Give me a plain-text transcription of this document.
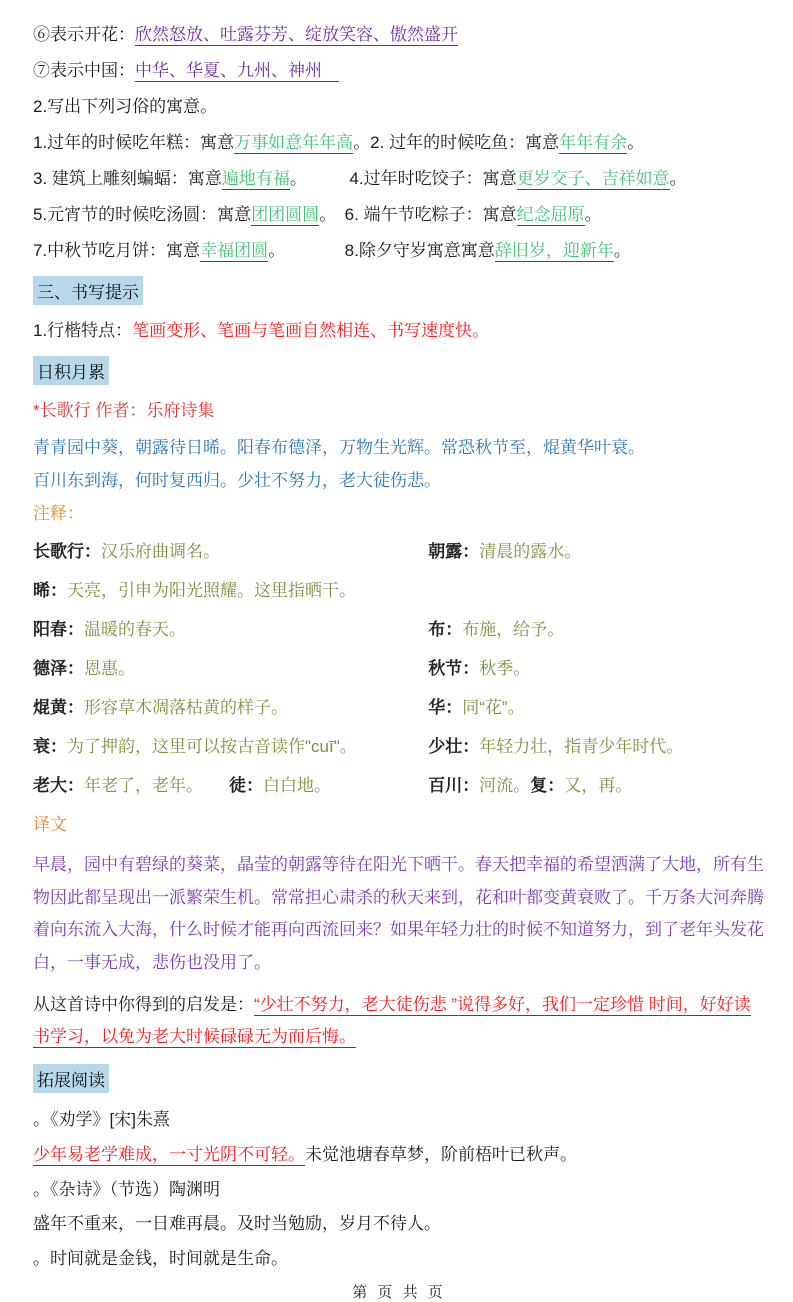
⑥表示开花：欣然怒放、吐露芬芳、绽放笑容、傲然盛开

⑦表示中国：中华、华夏、九州、神州　

2.写出下列习俗的寓意。

1.过年的时候吃年糕：寓意万事如意年年高。2. 过年的时候吃鱼：寓意年年有余。

3. 建筑上雕刻蝙蝠：寓意遍地有福。　　　4.过年时吃饺子：寓意更岁交子、吉祥如意。

5.元宵节的时候吃汤圆：寓意团团圆圆。　6. 端午节吃粽子：寓意纪念屈原。

7.中秋节吃月饼：寓意幸福团圆。　　　　8.除夕守岁寓意寓意辞旧岁，迎新年。

三、书写提示

1.行楷特点：笔画变形、笔画与笔画自然相连、书写速度快。

日积月累

*长歌行 作者：乐府诗集

青青园中葵，朝露待日晞。阳春布德泽，万物生光辉。常恐秋节至，焜黄华叶衰。

百川东到海，何时复西归。少壮不努力，老大徒伤悲。

注释：

长歌行：汉乐府曲调名。	朝露：清晨的露水。
晞：天亮，引申为阳光照耀。这里指晒干。
阳春：温暖的春天。	布：布施，给予。
德泽：恩惠。	秋节：秋季。
焜黄：形容草木凋落枯黄的样子。	华：同“花”。
衰：为了押韵，这里可以按古音读作"cuī"。	少壮：年轻力壮，指青少年时代。
老大：年老了，老年。 徒：白白地。	百川：河流。复：又，再。

译文

早晨，园中有碧绿的葵菜，晶莹的朝露等待在阳光下晒干。春天把幸福的希望洒满了大地，所有生物因此都呈现出一派繁荣生机。常常担心肃杀的秋天来到，花和叶都变黄衰败了。千万条大河奔腾着向东流入大海，什么时候才能再向西流回来？如果年轻力壮的时候不知道努力，到了老年头发花白，一事无成，悲伤也没用了。

从这首诗中你得到的启发是：“少壮不努力，老大徒伤悲 ”说得多好，我们一定珍惜 时间，好好读书学习，以免为老大时候碌碌无为而后悔。

拓展阅读

。《劝学》[宋]朱熹

少年易老学难成，一寸光阴不可轻。未觉池塘春草梦，阶前梧叶已秋声。

。《杂诗》（节选）陶渊明

盛年不重来，一日难再晨。及时当勉励，岁月不待人。

。时间就是金钱，时间就是生命。

第 页 共 页
